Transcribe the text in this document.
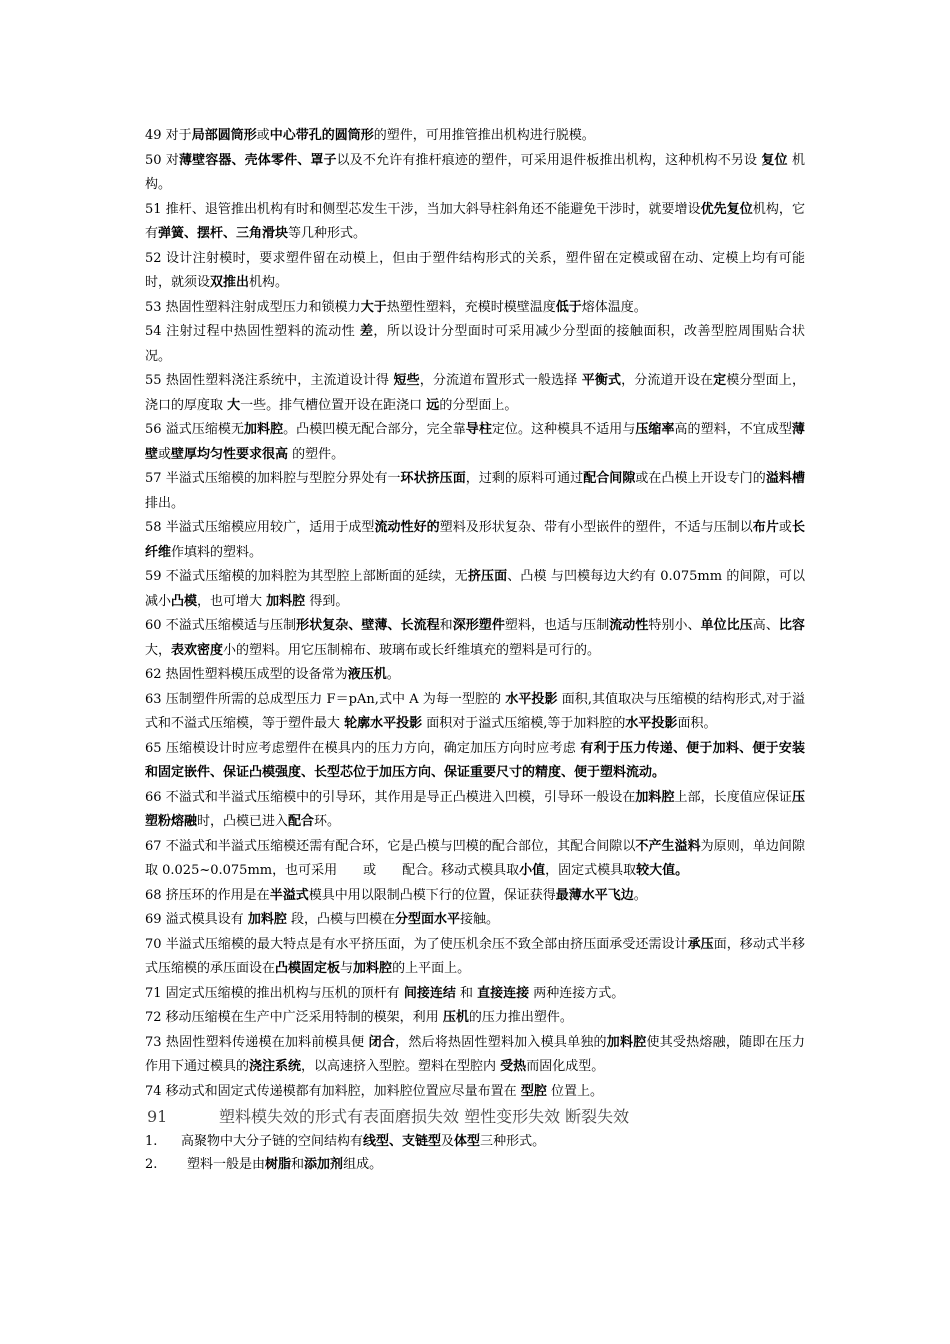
49 对于局部圆筒形或中心带孔的圆筒形的塑件，可用推管推出机构进行脱模。

50 对薄壁容器、壳体零件、罩子以及不允许有推杆痕迹的塑件，可采用退件板推出机构，这种机构不另设 复位 机构。

51 推杆、退管推出机构有时和侧型芯发生干涉，当加大斜导柱斜角还不能避免干涉时，就要增设优先复位机构，它有弹簧、摆杆、三角滑块等几种形式。

52 设计注射模时，要求塑件留在动模上，但由于塑件结构形式的关系，塑件留在定模或留在动、定模上均有可能时，就须设双推出机构。

53 热固性塑料注射成型压力和锁模力大于热塑性塑料，充模时模壁温度低于熔体温度。

54 注射过程中热固性塑料的流动性 差，所以设计分型面时可采用减少分型面的接触面积，改善型腔周围贴合状况。

55 热固性塑料浇注系统中，主流道设计得 短些，分流道布置形式一般选择 平衡式，分流道开设在定模分型面上，浇口的厚度取 大一些。排气槽位置开设在距浇口 远的分型面上。

56 溢式压缩模无加料腔。凸模凹模无配合部分，完全靠导柱定位。这种模具不适用与压缩率高的塑料，不宜成型薄壁或壁厚均匀性要求很高 的塑件。

57 半溢式压缩模的加料腔与型腔分界处有一环状挤压面，过剩的原料可通过配合间隙或在凸模上开设专门的溢料槽排出。

58 半溢式压缩模应用较广，适用于成型流动性好的塑料及形状复杂、带有小型嵌件的塑件，不适与压制以布片或长纤维作填料的塑料。

59 不溢式压缩模的加料腔为其型腔上部断面的延续，无挤压面、凸模 与凹模每边大约有 0.075mm 的间隙，可以减小凸模，也可增大 加料腔 得到。

60 不溢式压缩模适与压制形状复杂、壁薄、长流程和深形塑件塑料，也适与压制流动性特别小、单位比压高、比容 大，表欢密度小的塑料。用它压制棉布、玻璃布或长纤维填充的塑料是可行的。

62 热固性塑料模压成型的设备常为液压机。

63 压制塑件所需的总成型压力 F＝pAn,式中 A 为每一型腔的 水平投影 面积,其值取决与压缩模的结构形式,对于溢式和不溢式压缩模，等于塑件最大 轮廓水平投影 面积对于溢式压缩模,等于加料腔的水平投影面积。

65 压缩模设计时应考虑塑件在模具内的压力方向，确定加压方向时应考虑 有利于压力传递、便于加料、便于安装和固定嵌件、保证凸模强度、长型芯位于加压方向、保证重要尺寸的精度、便于塑料流动。

66 不溢式和半溢式压缩模中的引导环，其作用是导正凸模进入凹模，引导环一般设在加料腔上部，长度值应保证压塑粉熔融时，凸模已进入配合环。

67 不溢式和半溢式压缩模还需有配合环，它是凸模与凹模的配合部位，其配合间隙以不产生溢料为原则，单边间隙取 0.025~0.075mm，也可采用　　或　　配合。移动式模具取小值，固定式模具取较大值。

68 挤压环的作用是在半溢式模具中用以限制凸模下行的位置，保证获得最薄水平飞边。

69 溢式模具设有 加料腔 段，凸模与凹模在分型面水平接触。

70 半溢式压缩模的最大特点是有水平挤压面，为了使压机余压不致全部由挤压面承受还需设计承压面，移动式半移式压缩模的承压面设在凸模固定板与加料腔的上平面上。

71 固定式压缩模的推出机构与压机的顶杆有 间接连结 和 直接连接 两种连接方式。

72 移动压缩模在生产中广泛采用特制的模架，利用 压机的压力推出塑件。

73 热固性塑料传递模在加料前模具便 闭合，然后将热固性塑料加入模具单独的加料腔使其受热熔融，随即在压力作用下通过模具的浇注系统，以高速挤入型腔。塑料在型腔内 受热而固化成型。

74 移动式和固定式传递模都有加料腔，加料腔位置应尽量布置在 型腔 位置上。

91	塑料模失效的形式有表面磨损失效 塑性变形失效 断裂失效

1. 高聚物中大分子链的空间结构有线型、支链型及体型三种形式。

2. 塑料一般是由树脂和添加剂组成。
